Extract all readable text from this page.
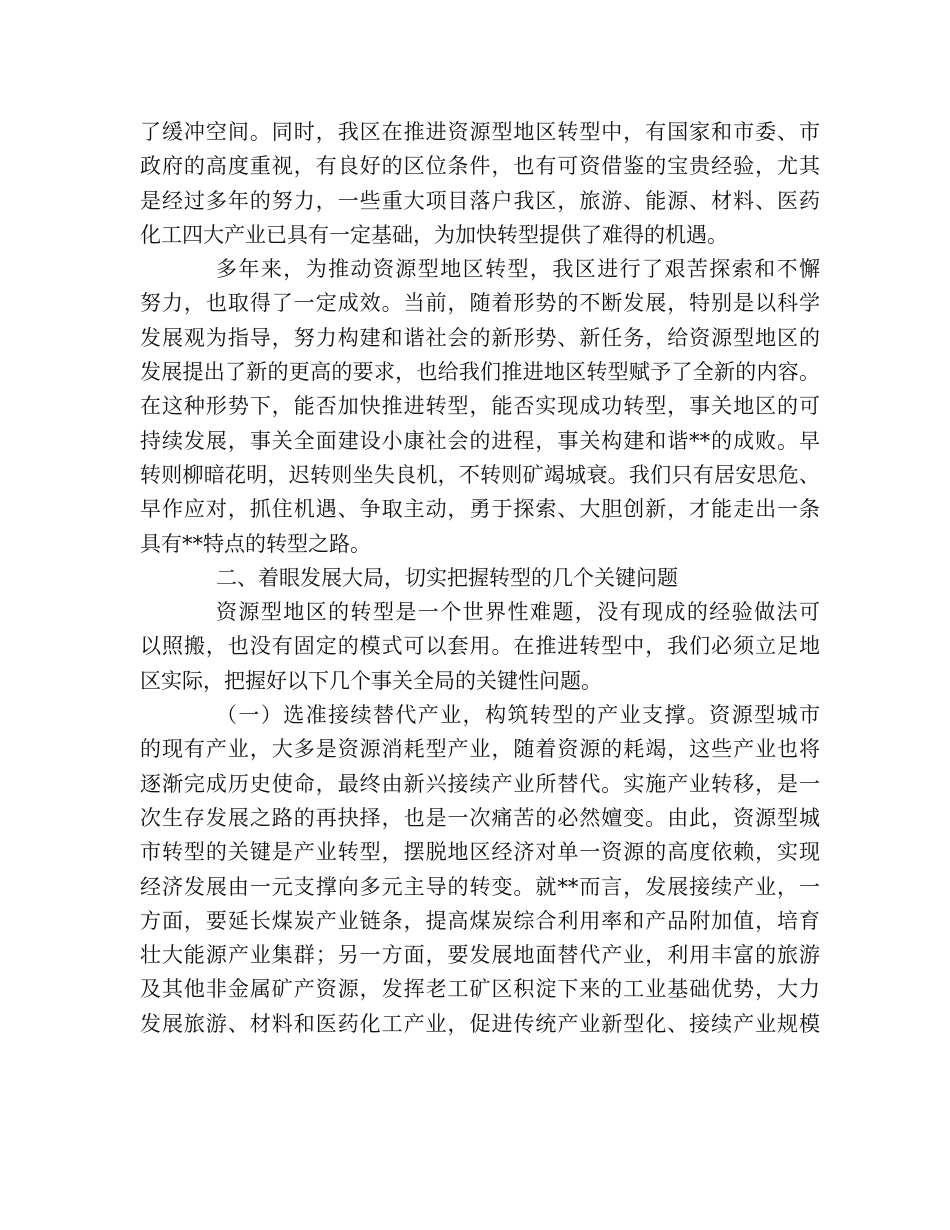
了缓冲空间。同时，我区在推进资源型地区转型中，有国家和市委、市
政府的高度重视，有良好的区位条件，也有可资借鉴的宝贵经验，尤其
是经过多年的努力，一些重大项目落户我区，旅游、能源、材料、医药
化工四大产业已具有一定基础，为加快转型提供了难得的机遇。
多年来，为推动资源型地区转型，我区进行了艰苦探索和不懈
努力，也取得了一定成效。当前，随着形势的不断发展，特别是以科学
发展观为指导，努力构建和谐社会的新形势、新任务，给资源型地区的
发展提出了新的更高的要求，也给我们推进地区转型赋予了全新的内容。
在这种形势下，能否加快推进转型，能否实现成功转型，事关地区的可
持续发展，事关全面建设小康社会的进程，事关构建和谐**的成败。早
转则柳暗花明，迟转则坐失良机，不转则矿竭城衰。我们只有居安思危、
早作应对，抓住机遇、争取主动，勇于探索、大胆创新，才能走出一条
具有**特点的转型之路。
二、着眼发展大局，切实把握转型的几个关键问题
资源型地区的转型是一个世界性难题，没有现成的经验做法可
以照搬，也没有固定的模式可以套用。在推进转型中，我们必须立足地
区实际，把握好以下几个事关全局的关键性问题。
（一）选准接续替代产业，构筑转型的产业支撑。资源型城市
的现有产业，大多是资源消耗型产业，随着资源的耗竭，这些产业也将
逐渐完成历史使命，最终由新兴接续产业所替代。实施产业转移，是一
次生存发展之路的再抉择，也是一次痛苦的必然嬗变。由此，资源型城
市转型的关键是产业转型，摆脱地区经济对单一资源的高度依赖，实现
经济发展由一元支撑向多元主导的转变。就**而言，发展接续产业，一
方面，要延长煤炭产业链条，提高煤炭综合利用率和产品附加值，培育
壮大能源产业集群；另一方面，要发展地面替代产业，利用丰富的旅游
及其他非金属矿产资源，发挥老工矿区积淀下来的工业基础优势，大力
发展旅游、材料和医药化工产业，促进传统产业新型化、接续产业规模
